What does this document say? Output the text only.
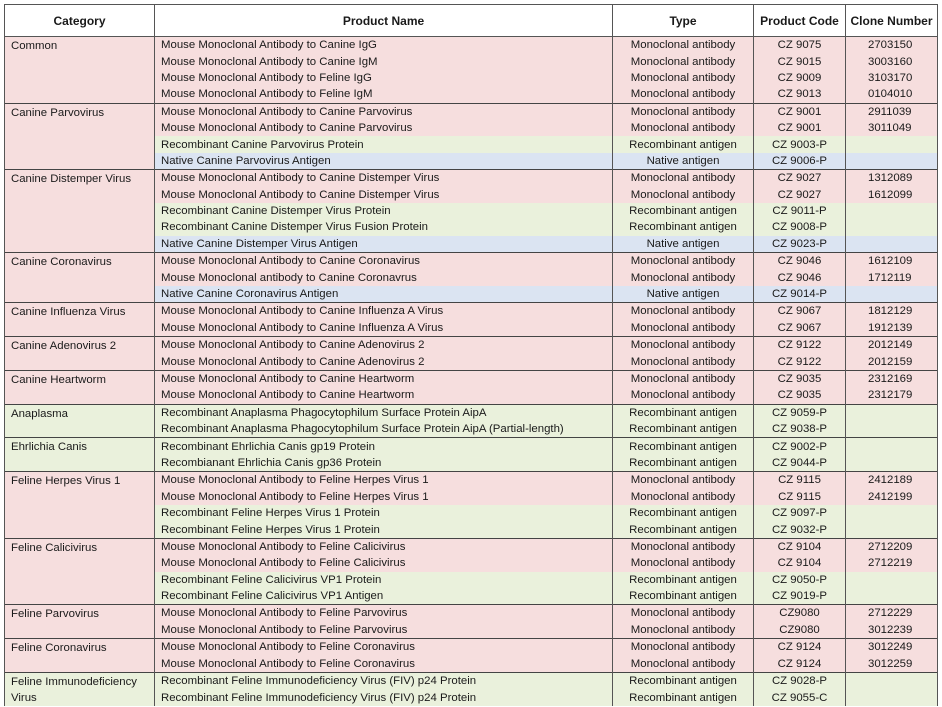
Category	Product Name	Type	Product Code	Clone Number
Common	Mouse Monoclonal Antibody to Canine IgG	Monoclonal antibody	CZ 9075	2703150
	Mouse Monoclonal Antibody to Canine IgM	Monoclonal antibody	CZ 9015	3003160
	Mouse Monoclonal Antibody to Feline IgG	Monoclonal antibody	CZ 9009	3103170
	Mouse Monoclonal Antibody to Feline IgM	Monoclonal antibody	CZ 9013	0104010
Canine Parvovirus	Mouse Monoclonal Antibody to Canine Parvovirus	Monoclonal antibody	CZ 9001	2911039
	Mouse Monoclonal Antibody to Canine Parvovirus	Monoclonal antibody	CZ 9001	3011049
	Recombinant Canine Parvovirus Protein	Recombinant antigen	CZ 9003-P	
	Native Canine Parvovirus Antigen	Native antigen	CZ 9006-P	
Canine Distemper Virus	Mouse Monoclonal Antibody to Canine Distemper Virus	Monoclonal antibody	CZ 9027	1312089
	Mouse Monoclonal Antibody to Canine Distemper Virus	Monoclonal antibody	CZ 9027	1612099
	Recombinant Canine Distemper Virus Protein	Recombinant antigen	CZ 9011-P	
	Recombinant Canine Distemper Virus Fusion Protein	Recombinant antigen	CZ 9008-P	
	Native Canine Distemper Virus Antigen	Native antigen	CZ 9023-P	
Canine Coronavirus	Mouse Monoclonal Antibody to Canine Coronavirus	Monoclonal antibody	CZ 9046	1612109
	Mouse Monoclonal antibody to Canine Coronavrus	Monoclonal antibody	CZ 9046	1712119
	Native Canine Coronavirus Antigen	Native antigen	CZ 9014-P	
Canine Influenza Virus	Mouse Monoclonal Antibody to Canine Influenza A Virus	Monoclonal antibody	CZ 9067	1812129
	Mouse Monoclonal Antibody to Canine Influenza A Virus	Monoclonal antibody	CZ 9067	1912139
Canine Adenovirus 2	Mouse Monoclonal Antibody to Canine Adenovirus 2	Monoclonal antibody	CZ 9122	2012149
	Mouse Monoclonal Antibody to Canine Adenovirus 2	Monoclonal antibody	CZ 9122	2012159
Canine Heartworm	Mouse Monoclonal Antibody to Canine Heartworm	Monoclonal antibody	CZ 9035	2312169
	Mouse Monoclonal Antibody to Canine Heartworm	Monoclonal antibody	CZ 9035	2312179
Anaplasma	Recombinant Anaplasma Phagocytophilum Surface Protein AipA	Recombinant antigen	CZ 9059-P	
	Recombinant Anaplasma Phagocytophilum Surface Protein AipA (Partial-length)	Recombinant antigen	CZ 9038-P	
Ehrlichia Canis	Recombinant Ehrlichia Canis gp19 Protein	Recombinant antigen	CZ 9002-P	
	Recombianant Ehrlichia Canis gp36 Protein	Recombinant antigen	CZ 9044-P	
Feline Herpes Virus 1	Mouse Monoclonal Antibody to Feline Herpes Virus 1	Monoclonal antibody	CZ 9115	2412189
	Mouse Monoclonal Antibody to Feline Herpes Virus 1	Monoclonal antibody	CZ 9115	2412199
	Recombinant Feline Herpes Virus 1 Protein	Recombinant antigen	CZ 9097-P	
	Recombinant Feline Herpes Virus 1 Protein	Recombinant antigen	CZ 9032-P	
Feline Calicivirus	Mouse Monoclonal Antibody to Feline Calicivirus	Monoclonal antibody	CZ 9104	2712209
	Mouse Monoclonal Antibody to Feline Calicivirus	Monoclonal antibody	CZ 9104	2712219
	Recombinant Feline Calicivirus VP1 Protein	Recombinant antigen	CZ 9050-P	
	Recombinant Feline Calicivirus VP1 Antigen	Recombinant antigen	CZ 9019-P	
Feline Parvovirus	Mouse Monoclonal Antibody to Feline Parvovirus	Monoclonal antibody	CZ9080	2712229
	Mouse Monoclonal Antibody to Feline Parvovirus	Monoclonal antibody	CZ9080	3012239
Feline Coronavirus	Mouse Monoclonal Antibody to Feline Coronavirus	Monoclonal antibody	CZ 9124	3012249
	Mouse Monoclonal Antibody to Feline Coronavirus	Monoclonal antibody	CZ 9124	3012259
Feline Immunodeficiency Virus	Recombinant Feline Immunodeficiency Virus (FIV) p24 Protein	Recombinant antigen	CZ 9028-P	
	Recombinant Feline Immunodeficiency Virus (FIV) p24 Protein	Recombinant antigen	CZ 9055-C	
